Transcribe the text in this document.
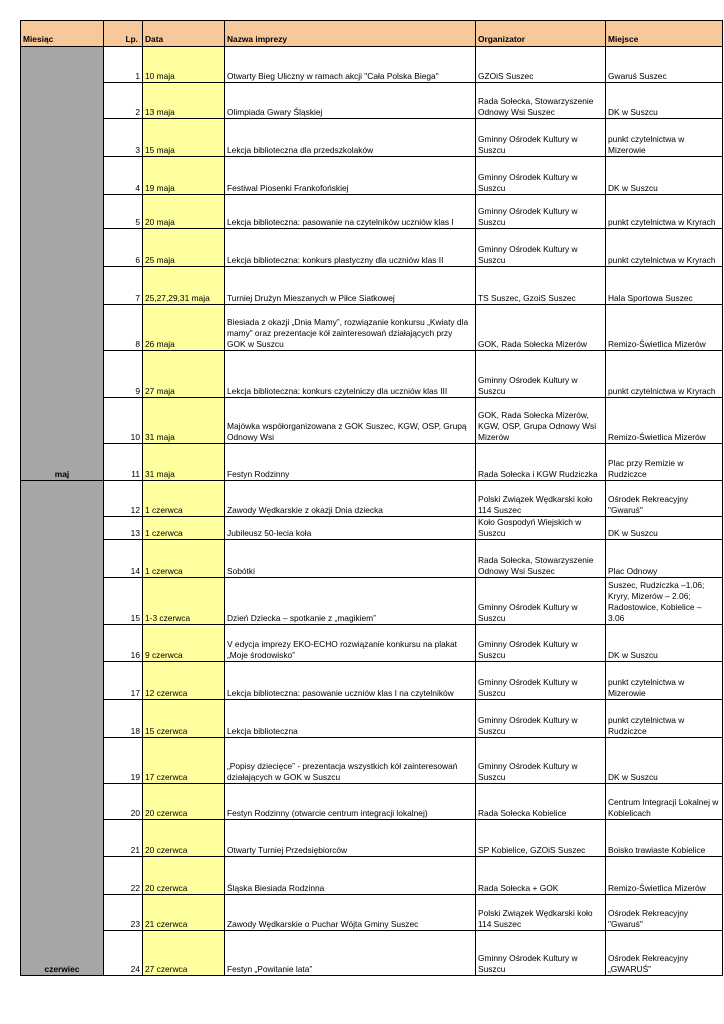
Miesiąc	Lp.	Data	Nazwa imprezy	Organizator	Miejsce
maj	1	10 maja	Otwarty Bieg Uliczny w ramach akcji "Cała Polska Biega"	GZOiS Suszec	Gwaruś Suszec
	2	13 maja	Olimpiada Gwary Śląskiej	Rada Sołecka, Stowarzyszenie Odnowy Wsi Suszec	DK w Suszcu
	3	15 maja	Lekcja biblioteczna dla przedszkolaków	Gminny Ośrodek Kultury w Suszcu	punkt czytelnictwa w Mizerowie
	4	19 maja	Festiwal Piosenki Frankofońskiej	Gminny Ośrodek Kultury w Suszcu	DK w Suszcu
	5	20 maja	Lekcja biblioteczna: pasowanie na czytelników uczniów klas I	Gminny Ośrodek Kultury w Suszcu	punkt czytelnictwa w Kryrach
	6	25 maja	Lekcja biblioteczna: konkurs plastyczny dla uczniów klas II	Gminny Ośrodek Kultury w Suszcu	punkt czytelnictwa w Kryrach
	7	25,27,29,31 maja	Turniej Drużyn Mieszanych w Piłce Siatkowej	TS Suszec, GzoiS Suszec	Hala Sportowa Suszec
	8	26 maja	Biesiada z okazji „Dnia Mamy”, rozwiązanie konkursu „Kwiaty dla mamy” oraz prezentacje kół zainteresowań działających przy GOK w Suszcu	GOK, Rada Sołecka Mizerów	Remizo-Świetlica Mizerów
	9	27 maja	Lekcja biblioteczna: konkurs czytelniczy dla uczniów klas III	Gminny Ośrodek Kultury w Suszcu	punkt czytelnictwa w Kryrach
	10	31 maja	Majówka współorganizowana z GOK Suszec, KGW, OSP, Grupą Odnowy Wsi	GOK, Rada Sołecka Mizerów, KGW, OSP, Grupa Odnowy Wsi Mizerów	Remizo-Świetlica Mizerów
	11	31 maja	Festyn Rodzinny	Rada Sołecka i KGW Rudziczka	Plac przy Remizie w Rudziczce
czerwiec	12	1 czerwca	Zawody Wędkarskie z okazji Dnia dziecka	Polski Związek Wędkarski koło 114 Suszec	Ośrodek Rekreacyjny "Gwaruś"
	13	1 czerwca	Jubileusz 50-lecia koła	Koło Gospodyń Wiejskich w Suszcu	DK w Suszcu
	14	1 czerwca	Sobótki	Rada Sołecka, Stowarzyszenie Odnowy Wsi Suszec	Plac Odnowy
	15	1-3 czerwca	Dzień Dziecka – spotkanie z „magikiem”	Gminny Ośrodek Kultury w Suszcu	Suszec, Rudziczka –1.06; Kryry, Mizerów – 2.06; Radostowice, Kobielice – 3.06
	16	9 czerwca	V edycja imprezy EKO-ECHO rozwiązanie konkursu na plakat „Moje środowisko”	Gminny Ośrodek Kultury w Suszcu	DK w Suszcu
	17	12 czerwca	Lekcja biblioteczna: pasowanie uczniów klas I na czytelników	Gminny Ośrodek Kultury w Suszcu	punkt czytelnictwa w Mizerowie
	18	15 czerwca	Lekcja biblioteczna	Gminny Ośrodek Kultury w Suszcu	punkt czytelnictwa w Rudziczce
	19	17 czerwca	„Popisy dziecięce” - prezentacja wszystkich kół zainteresowań działających w GOK w Suszcu	Gminny Ośrodek Kultury w Suszcu	DK w Suszcu
	20	20 czerwca	Festyn Rodzinny (otwarcie centrum integracji lokalnej)	Rada Sołecka Kobielice	Centrum Integracji Lokalnej w Kobielicach
	21	20 czerwca	Otwarty Turniej Przedsiębiorców	SP Kobielice, GZOiS Suszec	Boisko trawiaste Kobielice
	22	20 czerwca	Śląska Biesiada Rodzinna	Rada Sołecka + GOK	Remizo-Świetlica Mizerów
	23	21 czerwca	Zawody Wędkarskie o Puchar Wójta Gminy Suszec	Polski Związek Wędkarski koło 114 Suszec	Ośrodek Rekreacyjny "Gwaruś"
	24	27 czerwca	Festyn „Powitanie lata”	Gminny Ośrodek Kultury w Suszcu	Ośrodek Rekreacyjny „GWARUŚ”
